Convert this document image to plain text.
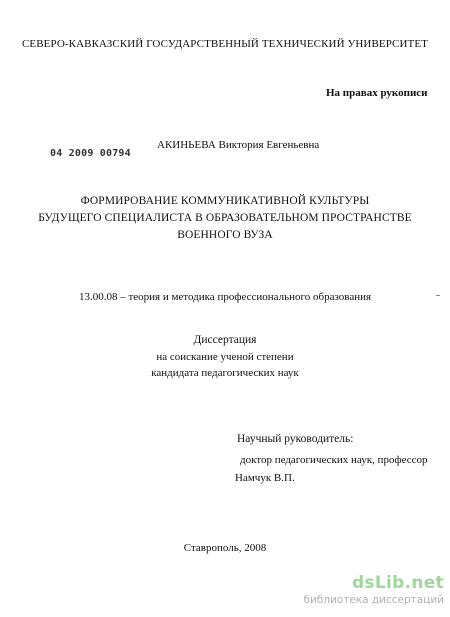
СЕВЕРО-КАВКАЗСКИЙ ГОСУДАРСТВЕННЫЙ ТЕХНИЧЕСКИЙ УНИВЕРСИТЕТ
На правах рукописи
04 2009 00794
АКИНЬЕВА Виктория Евгеньевна
ФОРМИРОВАНИЕ КОММУНИКАТИВНОЙ КУЛЬТУРЫ
БУДУЩЕГО СПЕЦИАЛИСТА В ОБРАЗОВАТЕЛЬНОМ ПРОСТРАНСТВЕ
ВОЕННОГО ВУЗА
13.00.08 – теория и методика профессионального образования
Диссертация
на соискание ученой степени
кандидата педагогических наук
Научный руководитель:
доктор педагогических наук, профессор
Намчук В.П.
Ставрополь, 2008
dsLib.net
библиотека диссертаций
